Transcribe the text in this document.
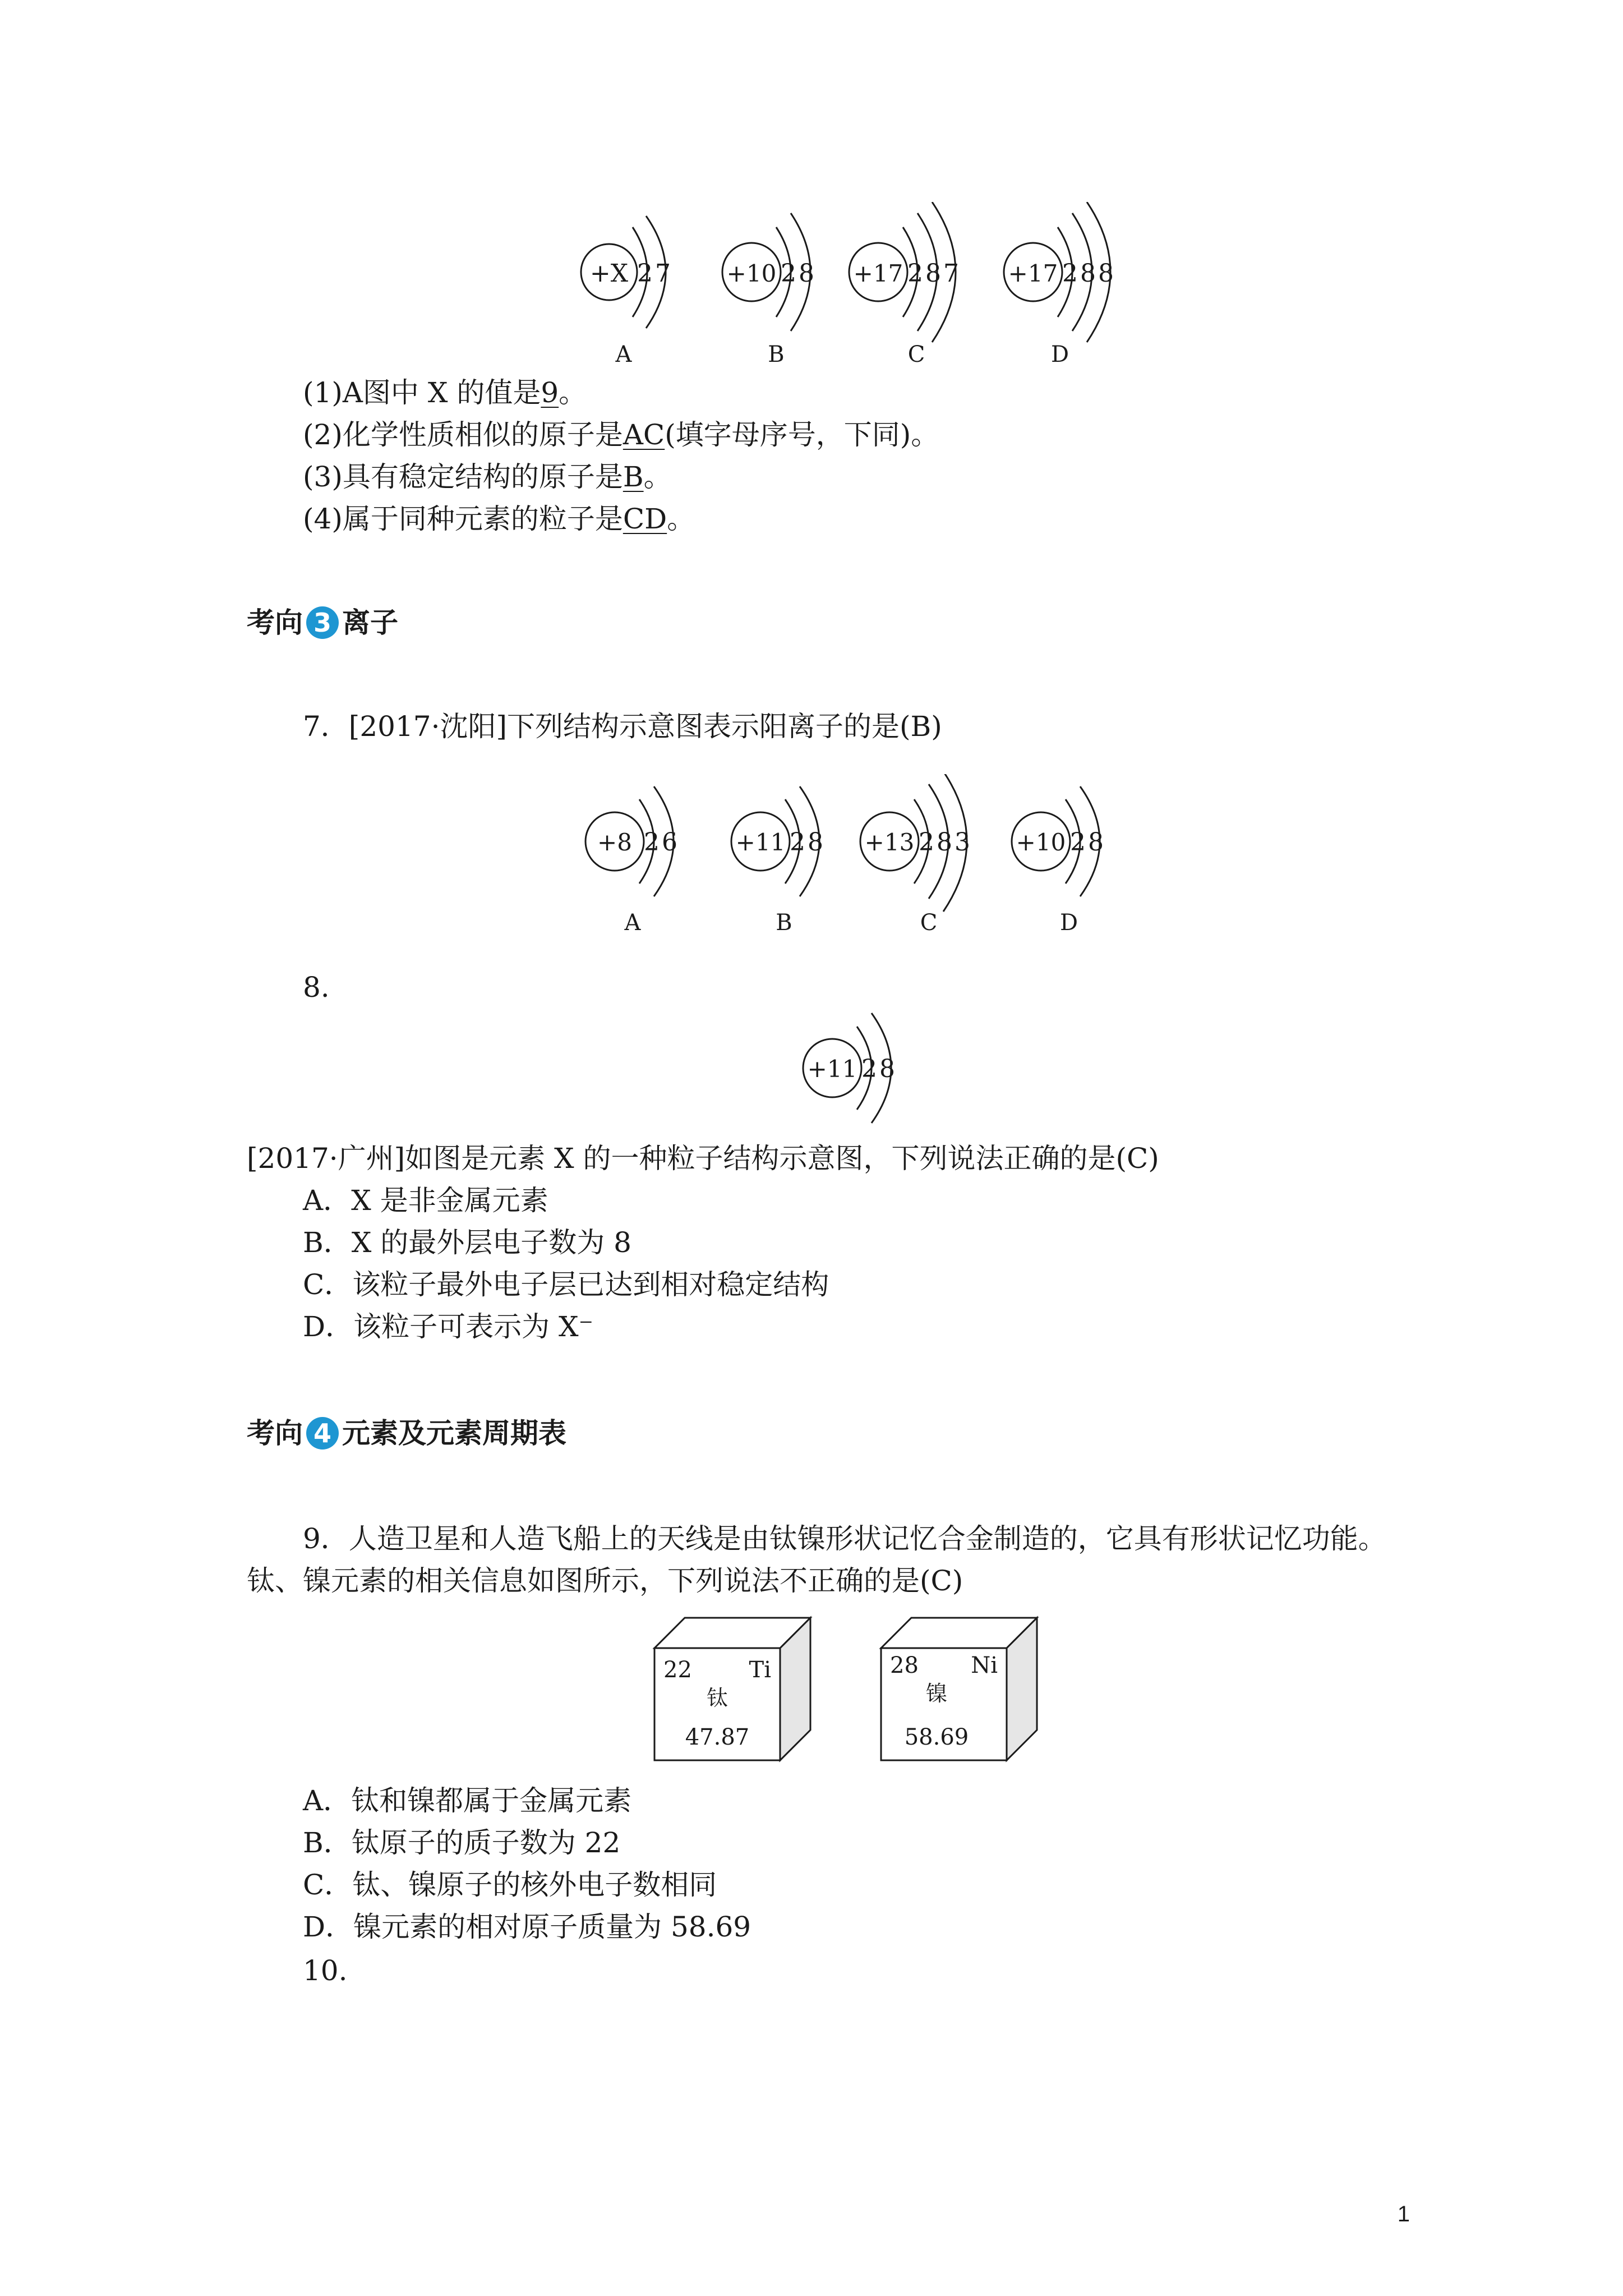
+X 2 7
A
+10 2 8
B
+17 2 8 7
C
+17 2 8 8
D
(1)A图中 X 的值是9。
(2)化学性质相似的原子是AC(填字母序号，下同)。
(3)具有稳定结构的原子是B。
(4)属于同种元素的粒子是CD。
考向 3 离子
7．[2017·沈阳]下列结构示意图表示阳离子的是(B)
+8 2 6
A
+11 2 8
B
+13 2 8 3
C
+10 2 8
D
8.
+11 2 8
[2017·广州]如图是元素 X 的一种粒子结构示意图，下列说法正确的是(C)
A．X 是非金属元素
B．X 的最外层电子数为 8
C．该粒子最外电子层已达到相对稳定结构
D．该粒子可表示为 X⁻
考向 4 元素及元素周期表
9．人造卫星和人造飞船上的天线是由钛镍形状记忆合金制造的，它具有形状记忆功能。
钛、镍元素的相关信息如图所示，下列说法不正确的是(C)
22	Ti
钛
47.87
28 Ni
镍
58.69
A．钛和镍都属于金属元素
B．钛原子的质子数为 22
C．钛、镍原子的核外电子数相同
D．镍元素的相对原子质量为 58.69
10.
1
